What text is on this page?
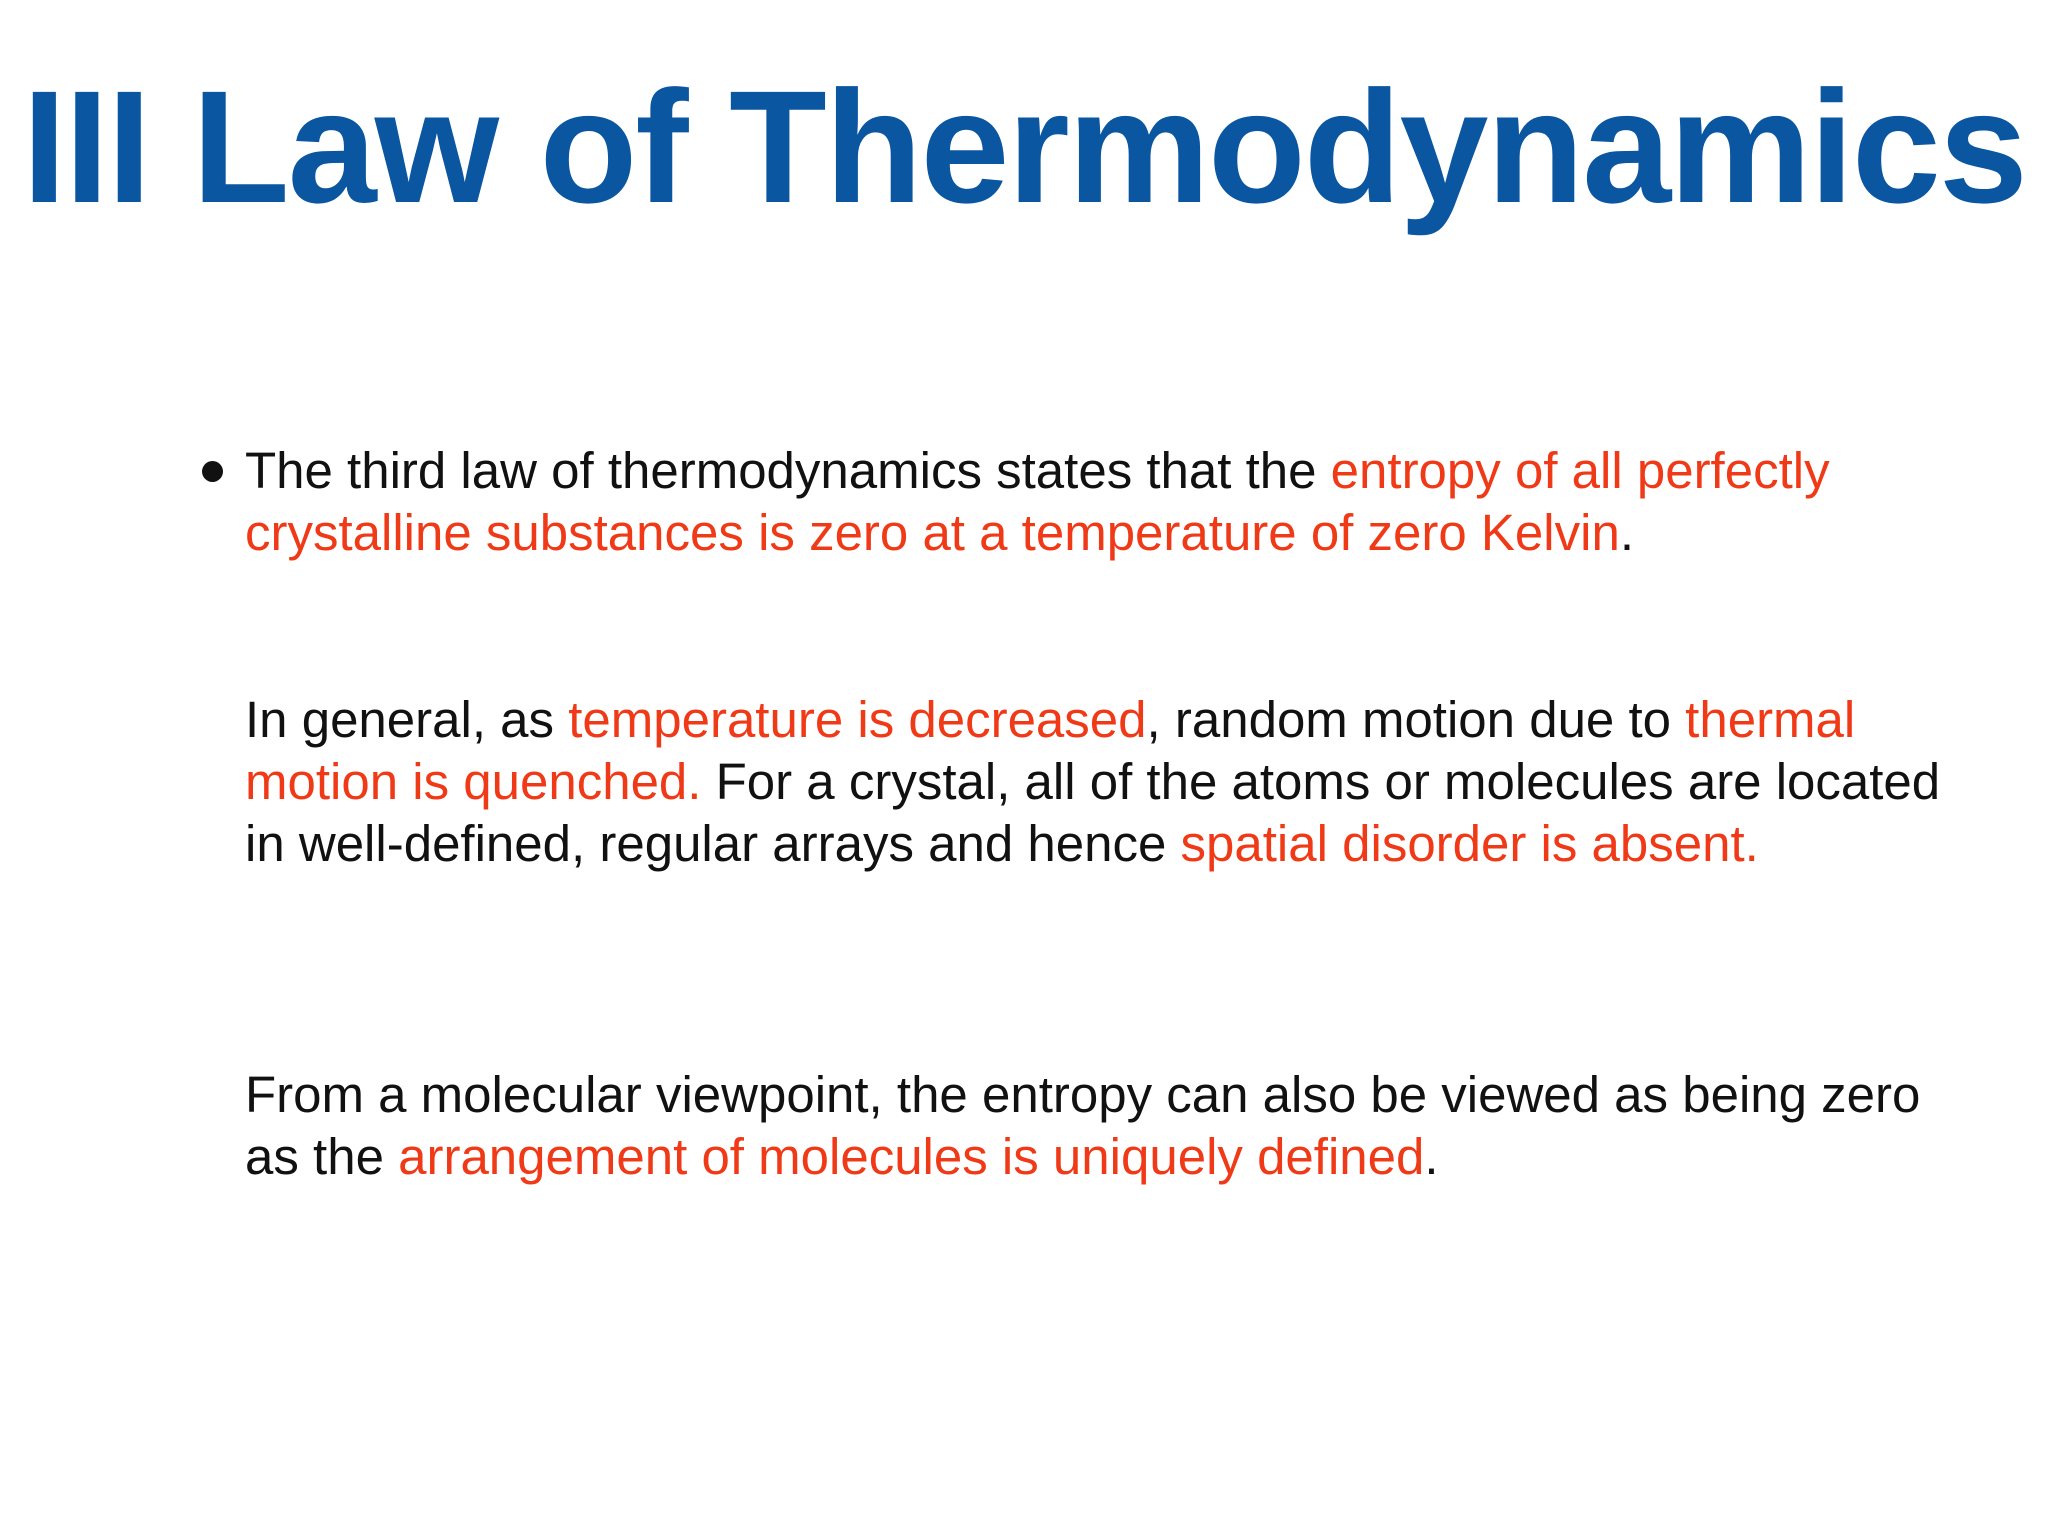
III Law of Thermodynamics
The third law of thermodynamics states that the entropy of all perfectly crystalline substances is zero at a temperature of zero Kelvin.
In general, as temperature is decreased, random motion due to thermal motion is quenched. For a crystal, all of the atoms or molecules are located in well-defined, regular arrays and hence spatial disorder is absent.
From a molecular viewpoint, the entropy can also be viewed as being zero as the arrangement of molecules is uniquely defined.
